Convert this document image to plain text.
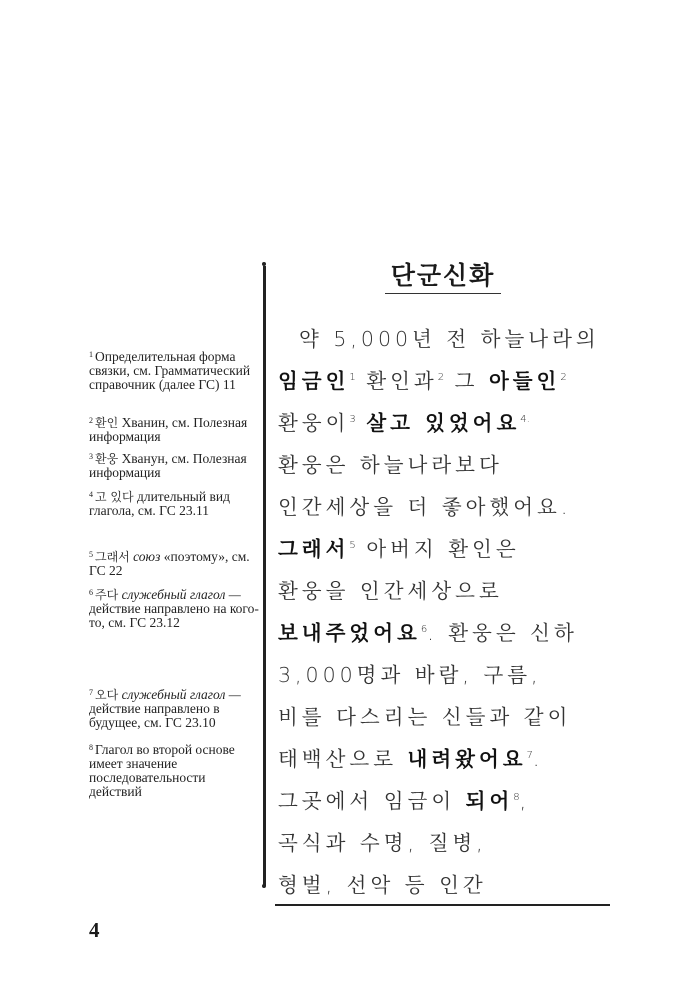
단군신화
약 5,000년 전 하늘나라의
임금인$^1$ 환인과$^2$ 그 아들인$^2$
환웅이$^3$ 살고 있었어요$^{4.}$
환웅은 하늘나라보다
인간세상을 더 좋아했어요.
그래서$^5$ 아버지 환인은
환웅을 인간세상으로
보내주었어요$^6$. 환웅은 신하
3,000명과 바람, 구름,
비를 다스리는 신들과 같이
태백산으로 내려왔어요$^7$.
그곳에서 임금이 되어$^8$,
곡식과 수명, 질병,
형벌, 선악 등 인간
$^1$ Определительная форма связки, см. Грамматический справочник (далее ГС) 11
$^2$ 환인 Хванин, см. Полезная информация
$^3$ 환웅 Хванун, см. Полезная информация
$^4$ 고 있다 длительный вид глагола, см. ГС 23.11
$^5$ 그래서 союз «поэтому», см. ГС 22
$^6$ 주다 служебный глагол — действие направлено на кого-то, см. ГС 23.12
$^7$ 오다 служебный глагол — действие направлено в будущее, см. ГС 23.10
$^8$ Глагол во второй основе имеет значение последовательности действий
4
